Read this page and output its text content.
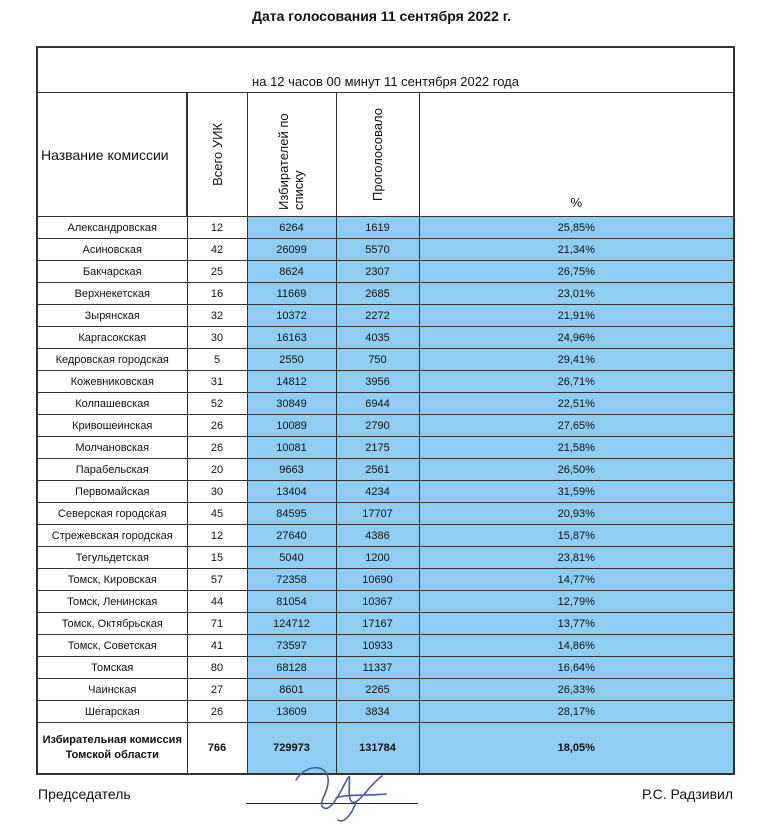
Дата голосования 11 сентября 2022 г.
на 12 часов 00 минут 11 сентября 2022 года				
Название комиссии	Всего УИК	Избирателей по списку	Проголосовало	%
Александровская	12	6264	1619	25,85%
Асиновская	42	26099	5570	21,34%
Бакчарская	25	8624	2307	26,75%
Верхнекетская	16	11669	2685	23,01%
Зырянская	32	10372	2272	21,91%
Каргасокская	30	16163	4035	24,96%
Кедровская городская	5	2550	750	29,41%
Кожевниковская	31	14812	3956	26,71%
Колпашевская	52	30849	6944	22,51%
Кривошеинская	26	10089	2790	27,65%
Молчановская	26	10081	2175	21,58%
Парабельская	20	9663	2561	26,50%
Первомайская	30	13404	4234	31,59%
Северская городская	45	84595	17707	20,93%
Стрежевская городская	12	27640	4386	15,87%
Тегульдетская	15	5040	1200	23,81%
Томск, Кировская	57	72358	10690	14,77%
Томск, Ленинская	44	81054	10367	12,79%
Томск, Октябрьская	71	124712	17167	13,77%
Томск, Советская	41	73597	10933	14,86%
Томская	80	68128	11337	16,64%
Чаинская	27	8601	2265	26,33%
Шегарская	26	13609	3834	28,17%
Избирательная комиссия Томской области	766	729973	131784	18,05%
Председатель	Р.С. Радзивил
